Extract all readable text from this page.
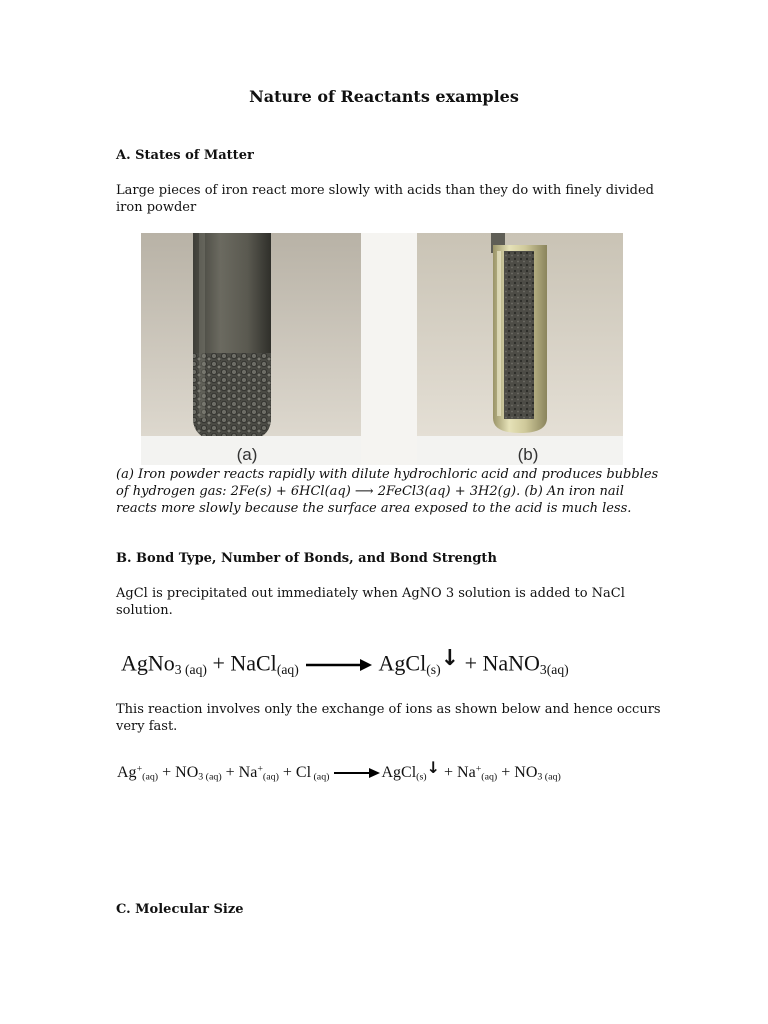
Nature of Reactants examples
A. States of Matter
Large pieces of iron react more slowly with acids than they do with finely divided iron powder
(a)	(b)
(a) Iron powder reacts rapidly with dilute hydrochloric acid and produces bubbles of hydrogen gas: 2Fe(s) + 6HCl(aq) ⟶ 2FeCl3(aq) + 3H2(g). (b) An iron nail reacts more slowly because the surface area exposed to the acid is much less.
B. Bond Type, Number of Bonds, and Bond Strength
AgCl is precipitated out immediately when AgNO 3 solution is added to NaCl solution.
AgNo$_{3 (aq)}$ + NaCl$_{(aq)}$ → AgCl$_{(s)}$↓ + NaNO$_{3(aq)}$
This reaction involves only the exchange of ions as shown below and hence occurs very fast.
$Ag^+_{(aq)} + NO_{3 (aq)} + Na^+_{(aq)} + Cl$ $_{(aq)}$ →AgCl$_{(s)}$↓ + $Na^+_{(aq)} + NO_{3 (aq)}$
C. Molecular Size
